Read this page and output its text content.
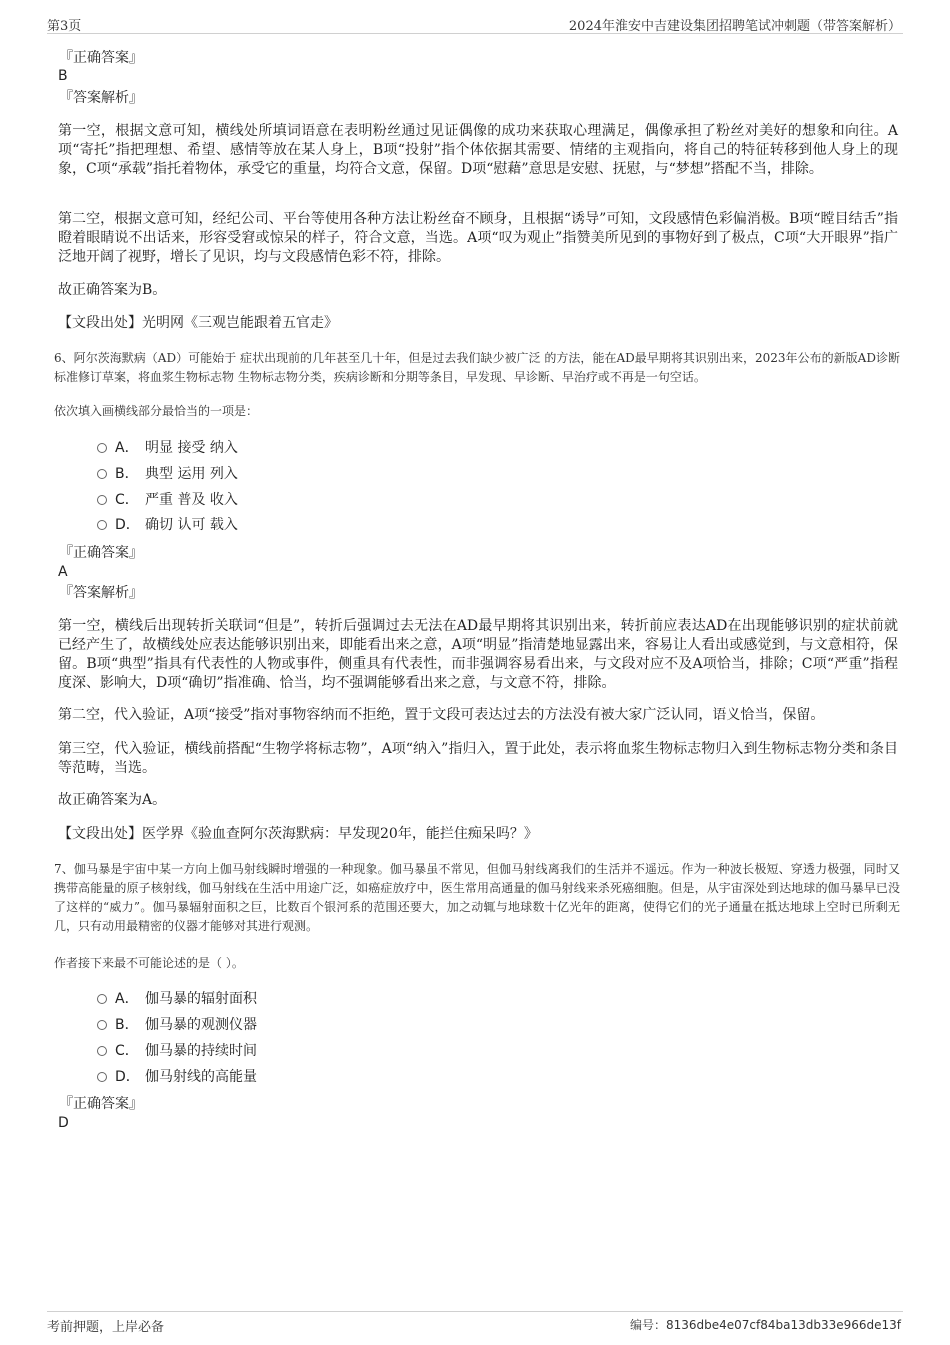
第3页	2024年淮安中吉建设集团招聘笔试冲刺题（带答案解析）
『正确答案』
B
『答案解析』
第一空，根据文意可知，横线处所填词语意在表明粉丝通过见证偶像的成功来获取心理满足，偶像承担了粉丝对美好的想象和向往。A项“寄托”指把理想、希望、感情等放在某人身上，B项“投射”指个体依据其需要、情绪的主观指向，将自己的特征转移到他人身上的现象，C项“承载”指托着物体，承受它的重量，均符合文意，保留。D项“慰藉”意思是安慰、抚慰，与“梦想”搭配不当，排除。
第二空，根据文意可知，经纪公司、平台等使用各种方法让粉丝奋不顾身，且根据“诱导”可知，文段感情色彩偏消极。B项“瞠目结舌”指瞪着眼睛说不出话来，形容受窘或惊呆的样子，符合文意，当选。A项“叹为观止”指赞美所见到的事物好到了极点，C项“大开眼界”指广泛地开阔了视野，增长了见识，均与文段感情色彩不符，排除。
故正确答案为B。
【文段出处】光明网《三观岂能跟着五官走》
6、阿尔茨海默病（AD）可能始于 症状出现前的几年甚至几十年，但是过去我们缺少被广泛 的方法，能在AD最早期将其识别出来，2023年公布的新版AD诊断标准修订草案，将血浆生物标志物 生物标志物分类，疾病诊断和分期等条目，早发现、早诊断、早治疗或不再是一句空话。
依次填入画横线部分最恰当的一项是：
A． 明显 接受 纳入
B． 典型 运用 列入
C． 严重 普及 收入
D． 确切 认可 载入
『正确答案』
A
『答案解析』
第一空，横线后出现转折关联词“但是”，转折后强调过去无法在AD最早期将其识别出来，转折前应表达AD在出现能够识别的症状前就已经产生了，故横线处应表达能够识别出来，即能看出来之意，A项“明显”指清楚地显露出来，容易让人看出或感觉到，与文意相符，保留。B项“典型”指具有代表性的人物或事件，侧重具有代表性，而非强调容易看出来，与文段对应不及A项恰当，排除；C项“严重”指程度深、影响大，D项“确切”指准确、恰当，均不强调能够看出来之意，与文意不符，排除。
第二空，代入验证，A项“接受”指对事物容纳而不拒绝，置于文段可表达过去的方法没有被大家广泛认同，语义恰当，保留。
第三空，代入验证，横线前搭配“生物学将标志物”，A项“纳入”指归入，置于此处，表示将血浆生物标志物归入到生物标志物分类和条目等范畴，当选。
故正确答案为A。
【文段出处】医学界《验血查阿尔茨海默病：早发现20年，能拦住痴呆吗？》
7、伽马暴是宇宙中某一方向上伽马射线瞬时增强的一种现象。伽马暴虽不常见，但伽马射线离我们的生活并不遥远。作为一种波长极短、穿透力极强，同时又携带高能量的原子核射线，伽马射线在生活中用途广泛，如癌症放疗中，医生常用高通量的伽马射线来杀死癌细胞。但是，从宇宙深处到达地球的伽马暴早已没了这样的“威力”。伽马暴辐射面积之巨，比数百个银河系的范围还要大，加之动辄与地球数十亿光年的距离，使得它们的光子通量在抵达地球上空时已所剩无几，只有动用最精密的仪器才能够对其进行观测。
作者接下来最不可能论述的是（ ）。
A． 伽马暴的辐射面积
B． 伽马暴的观测仪器
C． 伽马暴的持续时间
D． 伽马射线的高能量
『正确答案』
D
考前押题，上岸必备	编号：8136dbe4e07cf84ba13db33e966de13f
